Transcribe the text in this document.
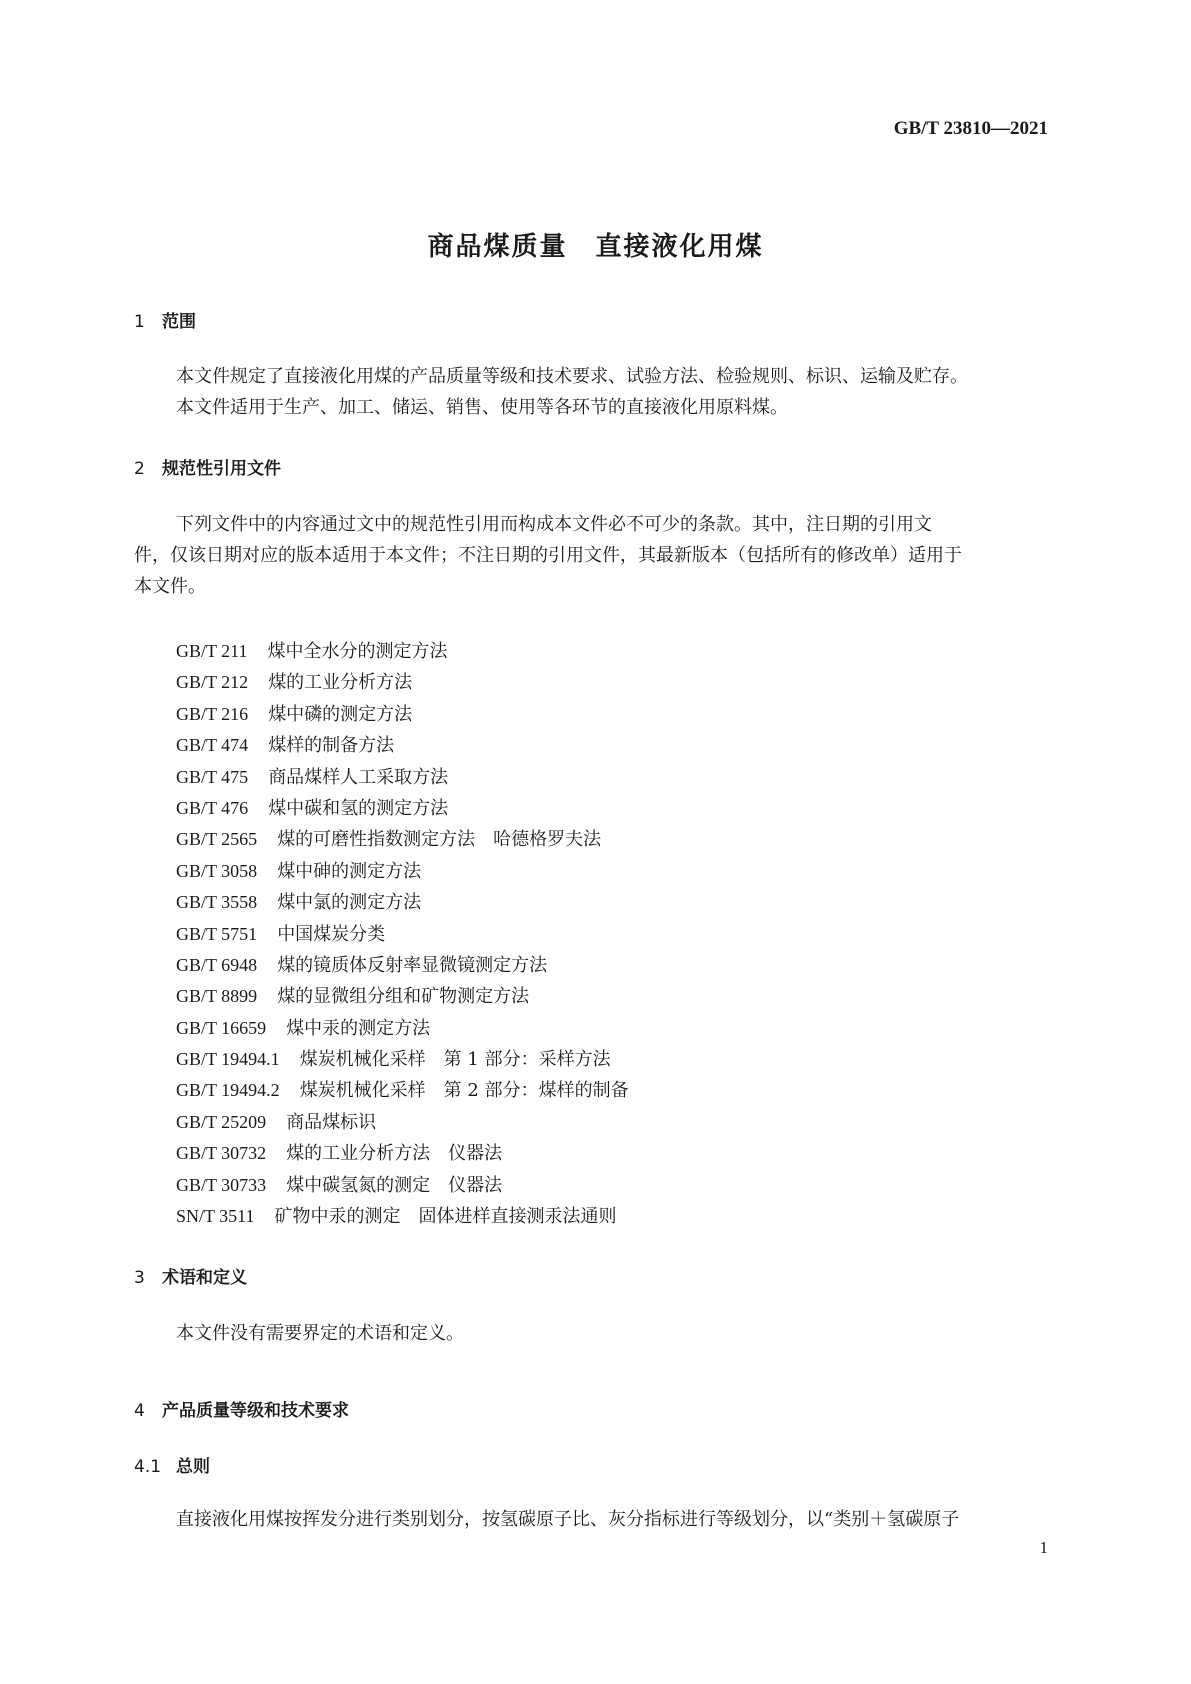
GB/T 23810—2021
商品煤质量　直接液化用煤
1 范围
本文件规定了直接液化用煤的产品质量等级和技术要求、试验方法、检验规则、标识、运输及贮存。
本文件适用于生产、加工、储运、销售、使用等各环节的直接液化用原料煤。
2 规范性引用文件
下列文件中的内容通过文中的规范性引用而构成本文件必不可少的条款。其中，注日期的引用文
件，仅该日期对应的版本适用于本文件；不注日期的引用文件，其最新版本（包括所有的修改单）适用于
本文件。
GB/T 211 煤中全水分的测定方法
GB/T 212 煤的工业分析方法
GB/T 216 煤中磷的测定方法
GB/T 474 煤样的制备方法
GB/T 475 商品煤样人工采取方法
GB/T 476 煤中碳和氢的测定方法
GB/T 2565 煤的可磨性指数测定方法　哈德格罗夫法
GB/T 3058 煤中砷的测定方法
GB/T 3558 煤中氯的测定方法
GB/T 5751 中国煤炭分类
GB/T 6948 煤的镜质体反射率显微镜测定方法
GB/T 8899 煤的显微组分组和矿物测定方法
GB/T 16659 煤中汞的测定方法
GB/T 19494.1 煤炭机械化采样　第 1 部分：采样方法
GB/T 19494.2 煤炭机械化采样　第 2 部分：煤样的制备
GB/T 25209 商品煤标识
GB/T 30732 煤的工业分析方法　仪器法
GB/T 30733 煤中碳氢氮的测定　仪器法
SN/T 3511 矿物中汞的测定　固体进样直接测汞法通则
3 术语和定义
本文件没有需要界定的术语和定义。
4 产品质量等级和技术要求
4.1 总则
直接液化用煤按挥发分进行类别划分，按氢碳原子比、灰分指标进行等级划分，以“类别＋氢碳原子
1
